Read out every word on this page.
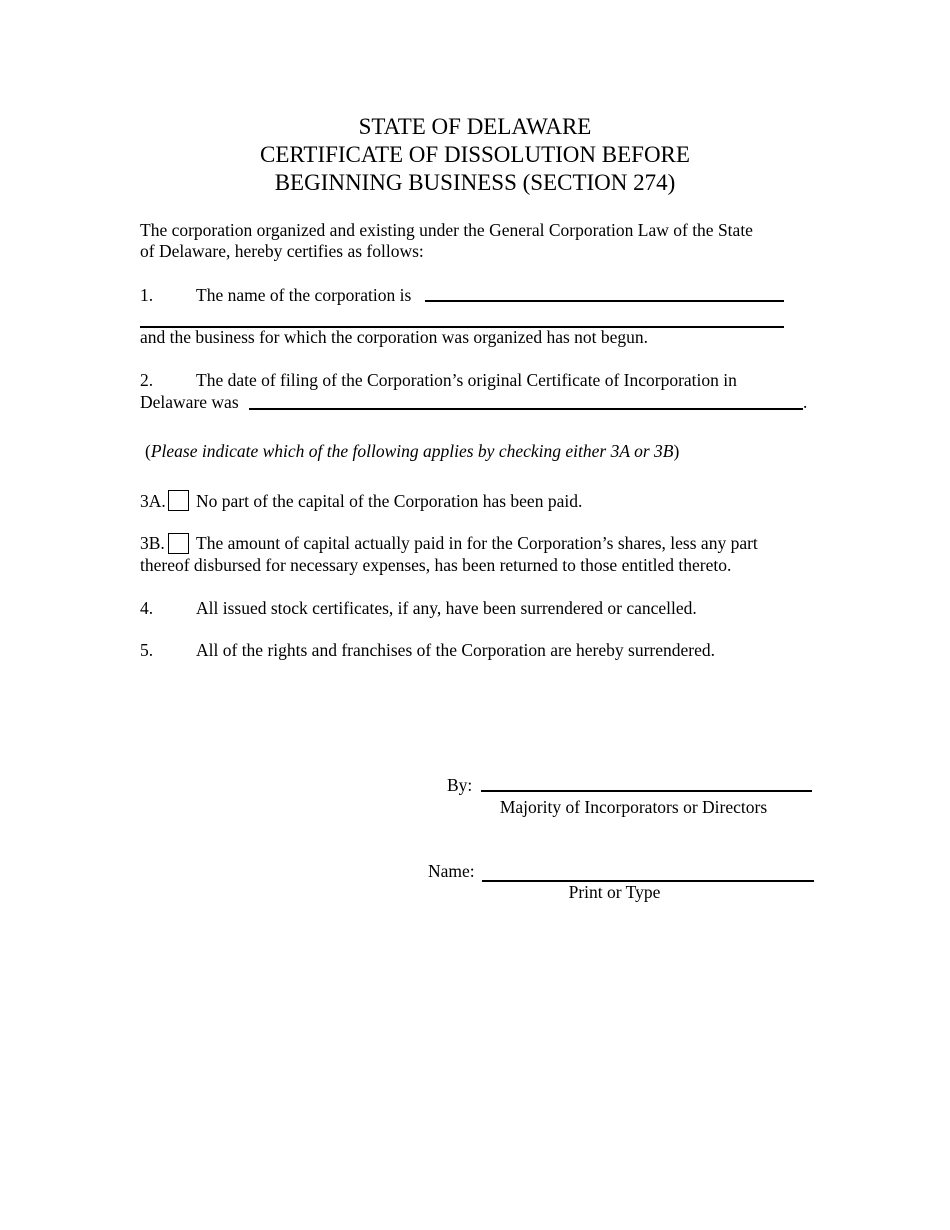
STATE OF DELAWARE
CERTIFICATE OF DISSOLUTION BEFORE
BEGINNING BUSINESS (SECTION 274)
The corporation organized and existing under the General Corporation Law of the State
of Delaware, hereby certifies as follows:
1. The name of the corporation is
and the business for which the corporation was organized has not begun.
2. The date of filing of the Corporation’s original Certificate of Incorporation in
Delaware was	.
(Please indicate which of the following applies by checking either 3A or 3B)
3A. No part of the capital of the Corporation has been paid.
3B. The amount of capital actually paid in for the Corporation’s shares, less any part
thereof disbursed for necessary expenses, has been returned to those entitled thereto.
4. All issued stock certificates, if any, have been surrendered or cancelled.
5. All of the rights and franchises of the Corporation are hereby surrendered.
By:
Majority of Incorporators or Directors
Name:
Print or Type
